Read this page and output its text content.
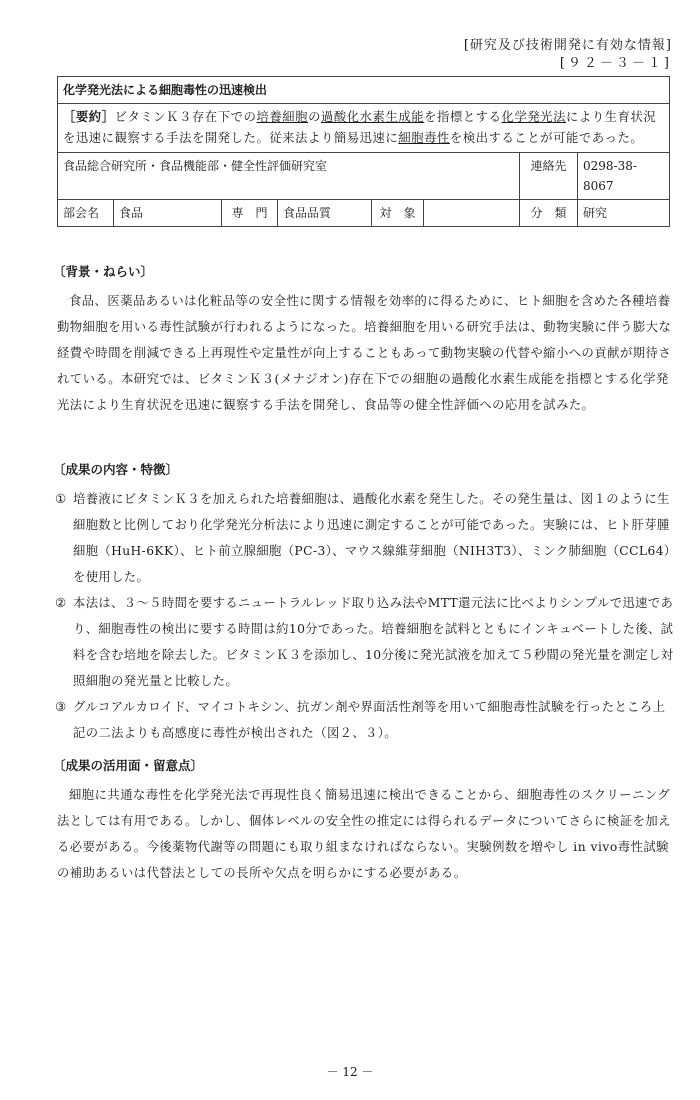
[研究及び技術開発に有効な情報]
[９２－３－１]
化学発光法による細胞毒性の迅速検出							
［要約］ビタミンＫ３存在下での培養細胞の過酸化水素生成能を指標とする化学発光法により生育状況を迅速に観察する手法を開発した。従来法より簡易迅速に細胞毒性を検出することが可能であった。							
食品総合研究所・食品機能部・健全性評価研究室						連絡先	0298-38-8067
部会名	食品	専　門	食品品質	対　象		分　類	研究
〔背景・ねらい〕

食品、医薬品あるいは化粧品等の安全性に関する情報を効率的に得るために、ヒト細胞を含めた各種培養動物細胞を用いる毒性試験が行われるようになった。培養細胞を用いる研究手法は、動物実験に伴う膨大な経費や時間を削減できる上再現性や定量性が向上することもあって動物実験の代替や縮小への貢献が期待されている。本研究では、ビタミンＫ３(メナジオン)存在下での細胞の過酸化水素生成能を指標とする化学発光法により生育状況を迅速に観察する手法を開発し、食品等の健全性評価への応用を試みた。

〔成果の内容・特徴〕
① 培養液にビタミンＫ３を加えられた培養細胞は、過酸化水素を発生した。その発生量は、図１のように生細胞数と比例しており化学発光分析法により迅速に測定することが可能であった。実験には、ヒト肝芽腫細胞（HuH-6KK）、ヒト前立腺細胞（PC-3）、マウス線維芽細胞（NIH3T3）、ミンク肺細胞（CCL64）を使用した。
② 本法は、３～５時間を要するニュートラルレッド取り込み法やMTT還元法に比べよりシンプルで迅速であり、細胞毒性の検出に要する時間は約10分であった。培養細胞を試料とともにインキュベートした後、試料を含む培地を除去した。ビタミンＫ３を添加し、10分後に発光試液を加えて５秒間の発光量を測定し対照細胞の発光量と比較した。
③ グルコアルカロイド、マイコトキシン、抗ガン剤や界面活性剤等を用いて細胞毒性試験を行ったところ上記の二法よりも高感度に毒性が検出された（図２、３）。
〔成果の活用面・留意点〕

細胞に共通な毒性を化学発光法で再現性良く簡易迅速に検出できることから、細胞毒性のスクリーニング法としては有用である。しかし、個体レベルの安全性の推定には得られるデータについてさらに検証を加える必要がある。今後薬物代謝等の問題にも取り組まなければならない。実験例数を増やし in vivo毒性試験の補助あるいは代替法としての長所や欠点を明らかにする必要がある。

－ 12 －
